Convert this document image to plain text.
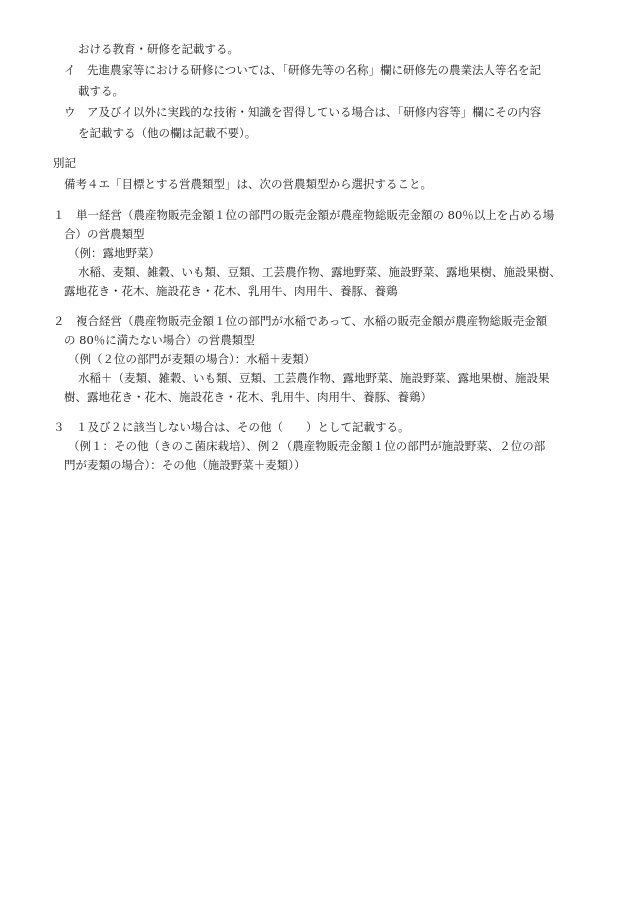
おける教育・研修を記載する。
イ　先進農家等における研修については、「研修先等の名称」欄に研修先の農業法人等名を記
載する。
ウ　ア及びイ以外に実践的な技術・知識を習得している場合は、「研修内容等」欄にその内容
を記載する（他の欄は記載不要）。
別記
備考４エ「目標とする営農類型」は、次の営農類型から選択すること。
１　単一経営（農産物販売金額１位の部門の販売金額が農産物総販売金額の 80％以上を占める場
合）の営農類型
（例：露地野菜）
水稲、麦類、雑穀、いも類、豆類、工芸農作物、露地野菜、施設野菜、露地果樹、施設果樹、
露地花き・花木、施設花き・花木、乳用牛、肉用牛、養豚、養鶏
２　複合経営（農産物販売金額１位の部門が水稲であって、水稲の販売金額が農産物総販売金額
の 80％に満たない場合）の営農類型
（例（２位の部門が麦類の場合）：水稲＋麦類）
水稲＋（麦類、雑穀、いも類、豆類、工芸農作物、露地野菜、施設野菜、露地果樹、施設果
樹、露地花き・花木、施設花き・花木、乳用牛、肉用牛、養豚、養鶏）
３　１及び２に該当しない場合は、その他（　　）として記載する。
（例１：その他（きのこ菌床栽培）、例２（農産物販売金額１位の部門が施設野菜、２位の部
門が麦類の場合）：その他（施設野菜＋麦類））
